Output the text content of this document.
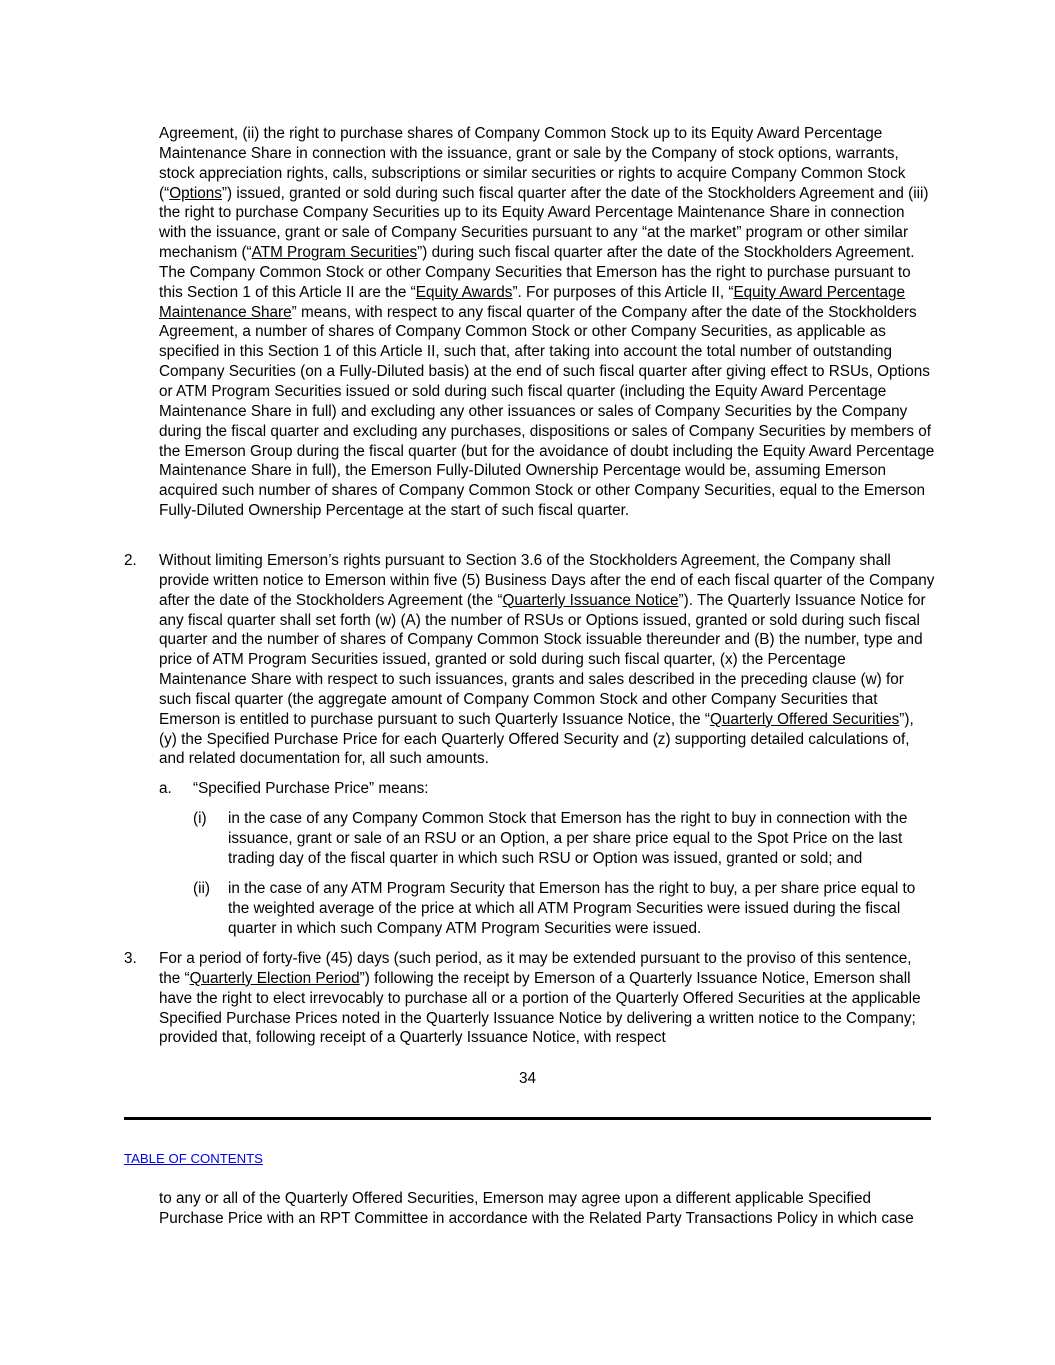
Agreement, (ii) the right to purchase shares of Company Common Stock up to its Equity Award Percentage Maintenance Share in connection with the issuance, grant or sale by the Company of stock options, warrants, stock appreciation rights, calls, subscriptions or similar securities or rights to acquire Company Common Stock (“Options”) issued, granted or sold during such fiscal quarter after the date of the Stockholders Agreement and (iii) the right to purchase Company Securities up to its Equity Award Percentage Maintenance Share in connection with the issuance, grant or sale of Company Securities pursuant to any “at the market” program or other similar mechanism (“ATM Program Securities”) during such fiscal quarter after the date of the Stockholders Agreement. The Company Common Stock or other Company Securities that Emerson has the right to purchase pursuant to this Section 1 of this Article II are the “Equity Awards”. For purposes of this Article II, “Equity Award Percentage Maintenance Share” means, with respect to any fiscal quarter of the Company after the date of the Stockholders Agreement, a number of shares of Company Common Stock or other Company Securities, as applicable as specified in this Section 1 of this Article II, such that, after taking into account the total number of outstanding Company Securities (on a Fully-Diluted basis) at the end of such fiscal quarter after giving effect to RSUs, Options or ATM Program Securities issued or sold during such fiscal quarter (including the Equity Award Percentage Maintenance Share in full) and excluding any other issuances or sales of Company Securities by the Company during the fiscal quarter and excluding any purchases, dispositions or sales of Company Securities by members of the Emerson Group during the fiscal quarter (but for the avoidance of doubt including the Equity Award Percentage Maintenance Share in full), the Emerson Fully-Diluted Ownership Percentage would be, assuming Emerson acquired such number of shares of Company Common Stock or other Company Securities, equal to the Emerson Fully-Diluted Ownership Percentage at the start of such fiscal quarter.
2. Without limiting Emerson’s rights pursuant to Section 3.6 of the Stockholders Agreement, the Company shall provide written notice to Emerson within five (5) Business Days after the end of each fiscal quarter of the Company after the date of the Stockholders Agreement (the “Quarterly Issuance Notice”). The Quarterly Issuance Notice for any fiscal quarter shall set forth (w) (A) the number of RSUs or Options issued, granted or sold during such fiscal quarter and the number of shares of Company Common Stock issuable thereunder and (B) the number, type and price of ATM Program Securities issued, granted or sold during such fiscal quarter, (x) the Percentage Maintenance Share with respect to such issuances, grants and sales described in the preceding clause (w) for such fiscal quarter (the aggregate amount of Company Common Stock and other Company Securities that Emerson is entitled to purchase pursuant to such Quarterly Issuance Notice, the “Quarterly Offered Securities”), (y) the Specified Purchase Price for each Quarterly Offered Security and (z) supporting detailed calculations of, and related documentation for, all such amounts.
a. “Specified Purchase Price” means:
(i) in the case of any Company Common Stock that Emerson has the right to buy in connection with the issuance, grant or sale of an RSU or an Option, a per share price equal to the Spot Price on the last trading day of the fiscal quarter in which such RSU or Option was issued, granted or sold; and
(ii) in the case of any ATM Program Security that Emerson has the right to buy, a per share price equal to the weighted average of the price at which all ATM Program Securities were issued during the fiscal quarter in which such Company ATM Program Securities were issued.
3. For a period of forty-five (45) days (such period, as it may be extended pursuant to the proviso of this sentence, the “Quarterly Election Period”) following the receipt by Emerson of a Quarterly Issuance Notice, Emerson shall have the right to elect irrevocably to purchase all or a portion of the Quarterly Offered Securities at the applicable Specified Purchase Prices noted in the Quarterly Issuance Notice by delivering a written notice to the Company; provided that, following receipt of a Quarterly Issuance Notice, with respect
34
TABLE OF CONTENTS
to any or all of the Quarterly Offered Securities, Emerson may agree upon a different applicable Specified Purchase Price with an RPT Committee in accordance with the Related Party Transactions Policy in which case
